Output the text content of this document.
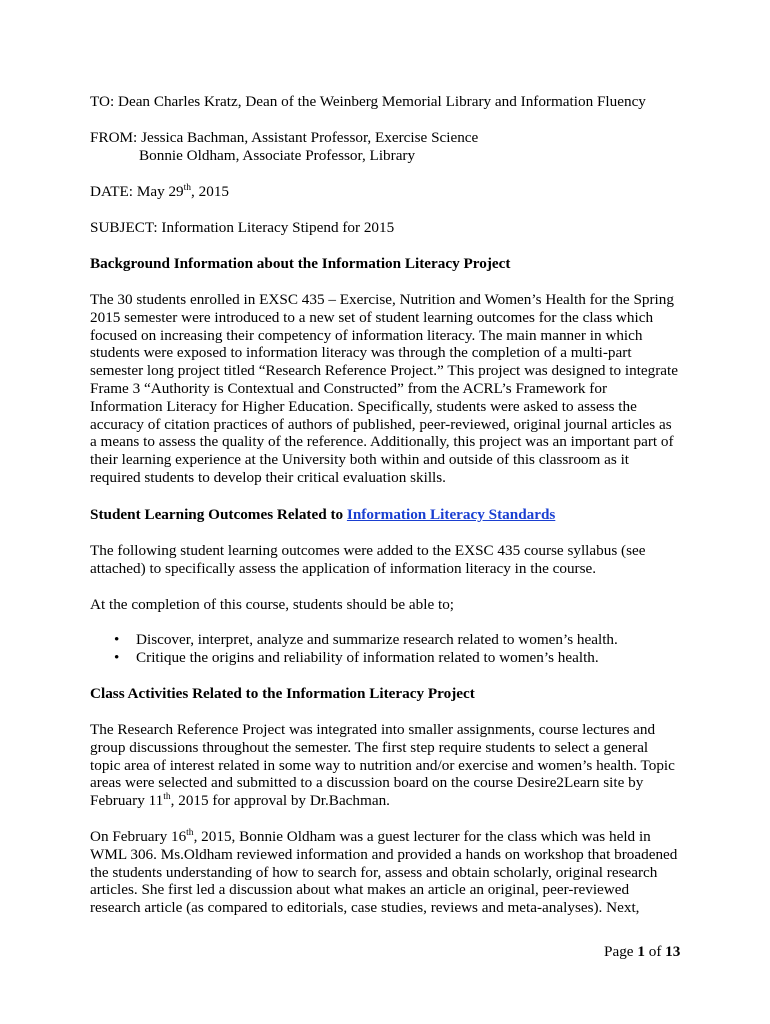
TO: Dean Charles Kratz, Dean of the Weinberg Memorial Library and Information Fluency
FROM: Jessica Bachman, Assistant Professor, Exercise Science
Bonnie Oldham, Associate Professor, Library
DATE: May 29th, 2015
SUBJECT: Information Literacy Stipend for 2015
Background Information about the Information Literacy Project
The 30 students enrolled in EXSC 435 – Exercise, Nutrition and Women’s Health for the Spring
2015 semester were introduced to a new set of student learning outcomes for the class which
focused on increasing their competency of information literacy. The main manner in which
students were exposed to information literacy was through the completion of a multi-part
semester long project titled “Research Reference Project.” This project was designed to integrate
Frame 3 “Authority is Contextual and Constructed” from the ACRL’s Framework for
Information Literacy for Higher Education. Specifically, students were asked to assess the
accuracy of citation practices of authors of published, peer-reviewed, original journal articles as
a means to assess the quality of the reference. Additionally, this project was an important part of
their learning experience at the University both within and outside of this classroom as it
required students to develop their critical evaluation skills.
Student Learning Outcomes Related to Information Literacy Standards
The following student learning outcomes were added to the EXSC 435 course syllabus (see
attached) to specifically assess the application of information literacy in the course.
At the completion of this course, students should be able to;
• Discover, interpret, analyze and summarize research related to women’s health.
• Critique the origins and reliability of information related to women’s health.
Class Activities Related to the Information Literacy Project
The Research Reference Project was integrated into smaller assignments, course lectures and
group discussions throughout the semester. The first step require students to select a general
topic area of interest related in some way to nutrition and/or exercise and women’s health. Topic
areas were selected and submitted to a discussion board on the course Desire2Learn site by
February 11th, 2015 for approval by Dr.Bachman.
On February 16th, 2015, Bonnie Oldham was a guest lecturer for the class which was held in
WML 306. Ms.Oldham reviewed information and provided a hands on workshop that broadened
the students understanding of how to search for, assess and obtain scholarly, original research
articles. She first led a discussion about what makes an article an original, peer-reviewed
research article (as compared to editorials, case studies, reviews and meta-analyses). Next,
Page 1 of 13
